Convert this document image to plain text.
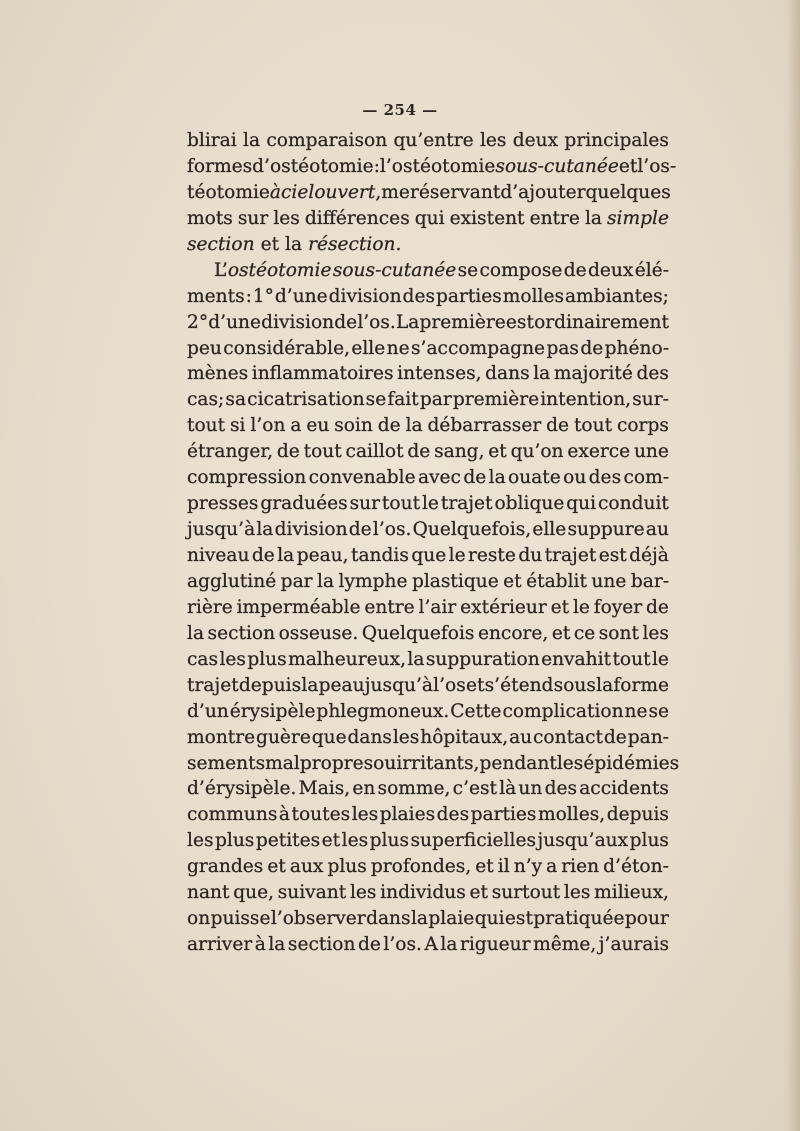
— 254 —
blirai la comparaison qu’entre les deux principales
formes d’ostéotomie : l’ostéotomie sous-cutanée et l’os-
téotomie à ciel ouvert, me réservant d’ajouter quelques
mots sur les différences qui existent entre la simple
section et la résection.
L’ostéotomie sous-cutanée se compose de deux élé-
ments : 1° d’une division des parties molles ambiantes;
2° d’une division de l’os. La première est ordinairement
peu considérable, elle ne s’accompagne pas de phéno-
mènes inflammatoires intenses, dans la majorité des
cas; sa cicatrisation se fait par première intention, sur-
tout si l’on a eu soin de la débarrasser de tout corps
étranger, de tout caillot de sang, et qu’on exerce une
compression convenable avec de la ouate ou des com-
presses graduées sur tout le trajet oblique qui conduit
jusqu’à la division de l’os. Quelquefois, elle suppure au
niveau de la peau, tandis que le reste du trajet est déjà
agglutiné par la lymphe plastique et établit une bar-
rière imperméable entre l’air extérieur et le foyer de
la section osseuse. Quelquefois encore, et ce sont les
cas les plus malheureux, la suppuration envahit tout le
trajet depuis la peau jusqu’à l’os et s’étend sous la forme
d’un érysipèle phlegmoneux. Cette complication ne se
montre guère que dans les hôpitaux, au contact de pan-
sements malpropres ou irritants, pendant les épidémies
d’érysipèle. Mais, en somme, c’est là un des accidents
communs à toutes les plaies des parties molles, depuis
les plus petites et les plus superficielles jusqu’aux plus
grandes et aux plus profondes, et il n’y a rien d’éton-
nant que, suivant les individus et surtout les milieux,
on puisse l’observer dans la plaie qui est pratiquée pour
arriver à la section de l’os. A la rigueur même, j’aurais
